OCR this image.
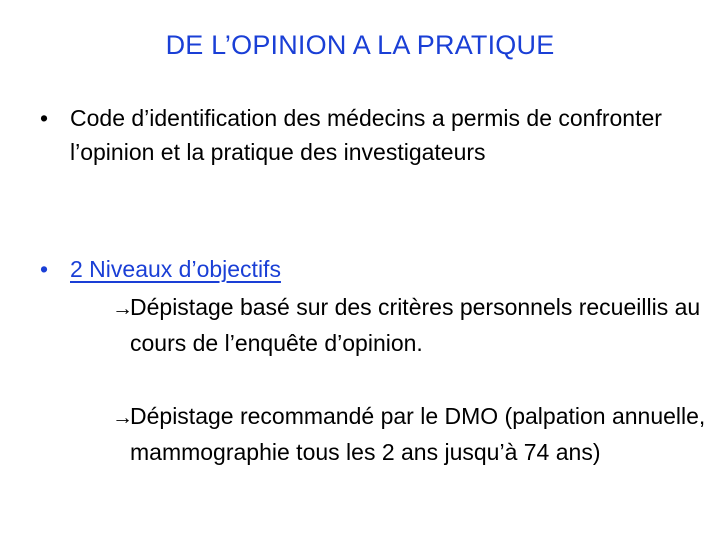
DE L’OPINION A LA PRATIQUE
• Code d’identification des médecins a permis de confronter l’opinion et la pratique des investigateurs
• 2 Niveaux d’objectifs
→Dépistage basé sur des critères personnels recueillis au cours de l’enquête d’opinion.
→Dépistage recommandé par le DMO (palpation annuelle, mammographie tous les 2 ans jusqu’à 74 ans)
